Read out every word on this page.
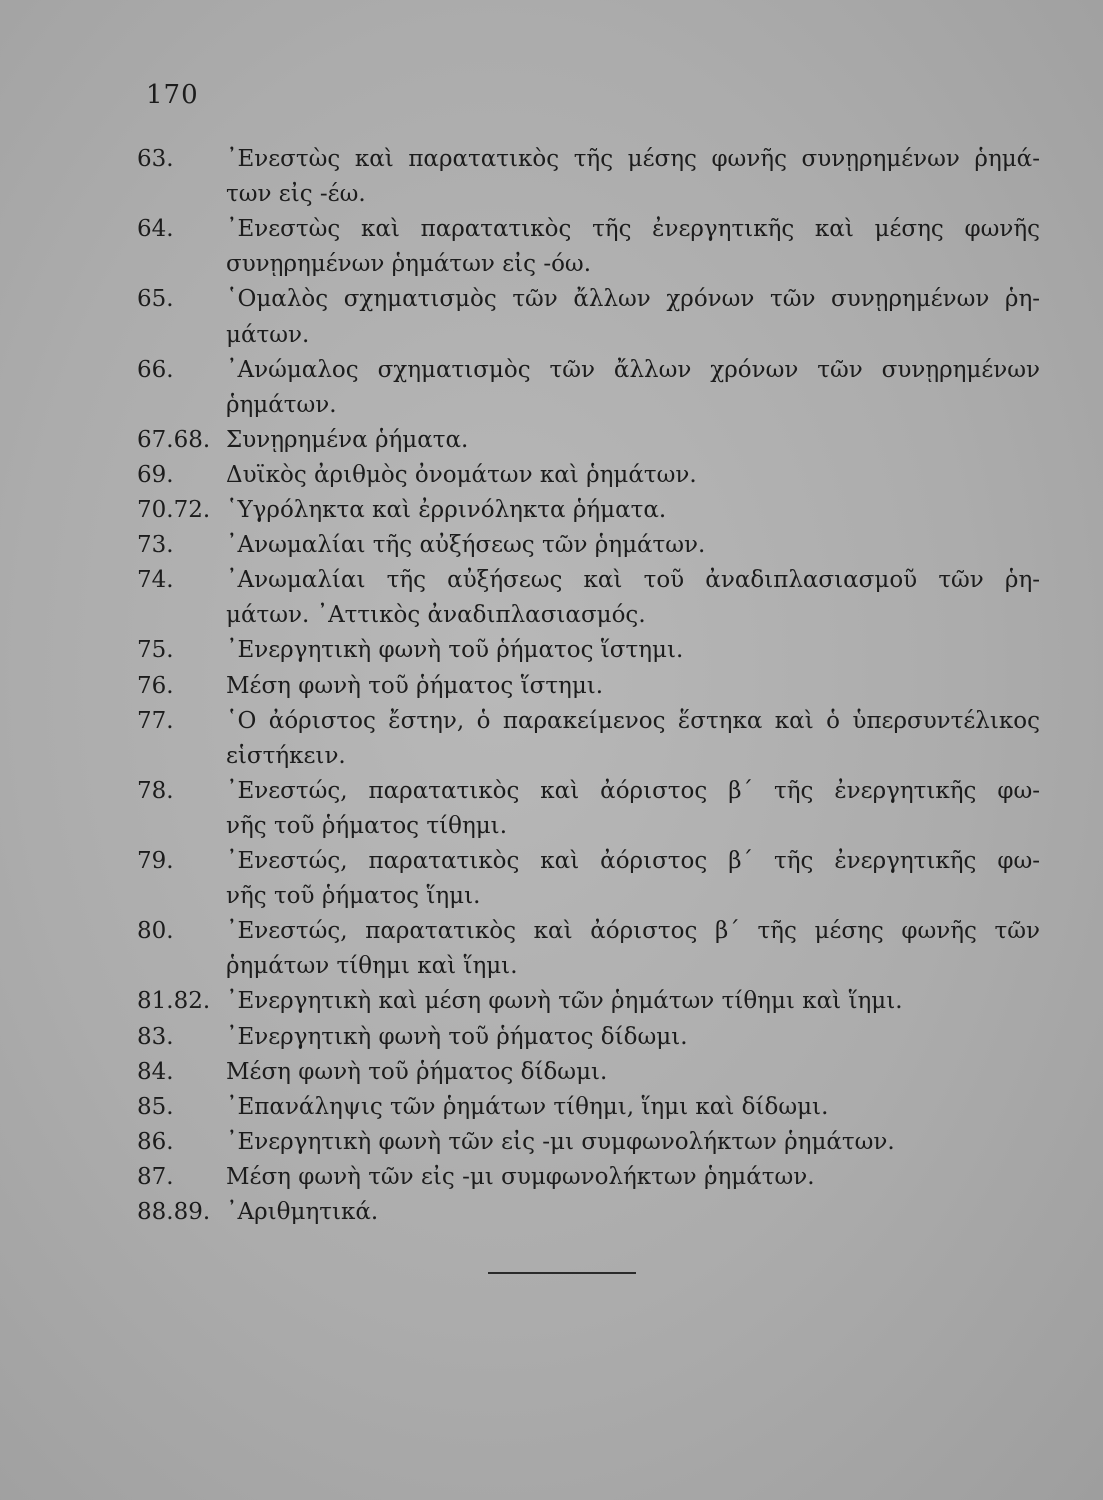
170
63. ᾿Ενεστὼς καὶ παρατατικὸς τῆς μέσης φωνῆς συνῃρημένων ῥημά-
των εἰς -έω.
64. ᾿Ενεστὼς καὶ παρατατικὸς τῆς ἐνεργητικῆς καὶ μέσης φωνῆς
συνῃρημένων ῥημάτων εἰς -όω.
65. ῾Ομαλὸς σχηματισμὸς τῶν ἄλλων χρόνων τῶν συνῃρημένων ῥη-
μάτων.
66. ᾿Ανώμαλος σχηματισμὸς τῶν ἄλλων χρόνων τῶν συνῃρημένων
ῥημάτων.
67.68. Συνῃρημένα ῥήματα.
69. Δυϊκὸς ἀριθμὸς ὀνομάτων καὶ ῥημάτων.
70.72. ῾Υγρόληκτα καὶ ἐρρινόληκτα ῥήματα.
73. ᾿Ανωμαλίαι τῆς αὐξήσεως τῶν ῥημάτων.
74. ᾿Ανωμαλίαι τῆς αὐξήσεως καὶ τοῦ ἀναδιπλασιασμοῦ τῶν ῥη-
μάτων. ᾿Αττικὸς ἀναδιπλασιασμός.
75. ᾿Ενεργητικὴ φωνὴ τοῦ ῥήματος ἵστημι.
76. Μέση φωνὴ τοῦ ῥήματος ἵστημι.
77. ῾Ο ἀόριστος ἔστην, ὁ παρακείμενος ἕστηκα καὶ ὁ ὑπερσυντέλικος
εἱστήκειν.
78. ᾿Ενεστώς, παρατατικὸς καὶ ἀόριστος β´ τῆς ἐνεργητικῆς φω-
νῆς τοῦ ῥήματος τίθημι.
79. ᾿Ενεστώς, παρατατικὸς καὶ ἀόριστος β´ τῆς ἐνεργητικῆς φω-
νῆς τοῦ ῥήματος ἵημι.
80. ᾿Ενεστώς, παρατατικὸς καὶ ἀόριστος β´ τῆς μέσης φωνῆς τῶν
ῥημάτων τίθημι καὶ ἵημι.
81.82. ᾿Ενεργητικὴ καὶ μέση φωνὴ τῶν ῥημάτων τίθημι καὶ ἵημι.
83. ᾿Ενεργητικὴ φωνὴ τοῦ ῥήματος δίδωμι.
84. Μέση φωνὴ τοῦ ῥήματος δίδωμι.
85. ᾿Επανάληψις τῶν ῥημάτων τίθημι, ἵημι καὶ δίδωμι.
86. ᾿Ενεργητικὴ φωνὴ τῶν εἰς -μι συμφωνολήκτων ῥημάτων.
87. Μέση φωνὴ τῶν εἰς -μι συμφωνολήκτων ῥημάτων.
88.89. ᾿Αριθμητικά.
